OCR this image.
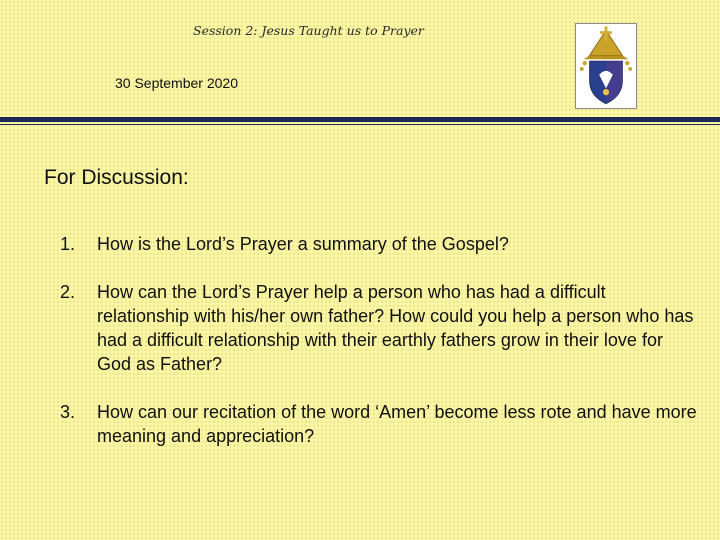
Session 2: Jesus Taught us to Prayer
30 September 2020
For Discussion:
1.	How is the Lord’s Prayer a summary of the Gospel?
2.	How can the Lord’s Prayer help a person who has had a difficult relationship with his/her own father? How could you help a person who has had a difficult relationship with their earthly fathers grow in their love for God as Father?
3.	How can our recitation of the word ‘Amen’ become less rote and have more meaning and appreciation?
